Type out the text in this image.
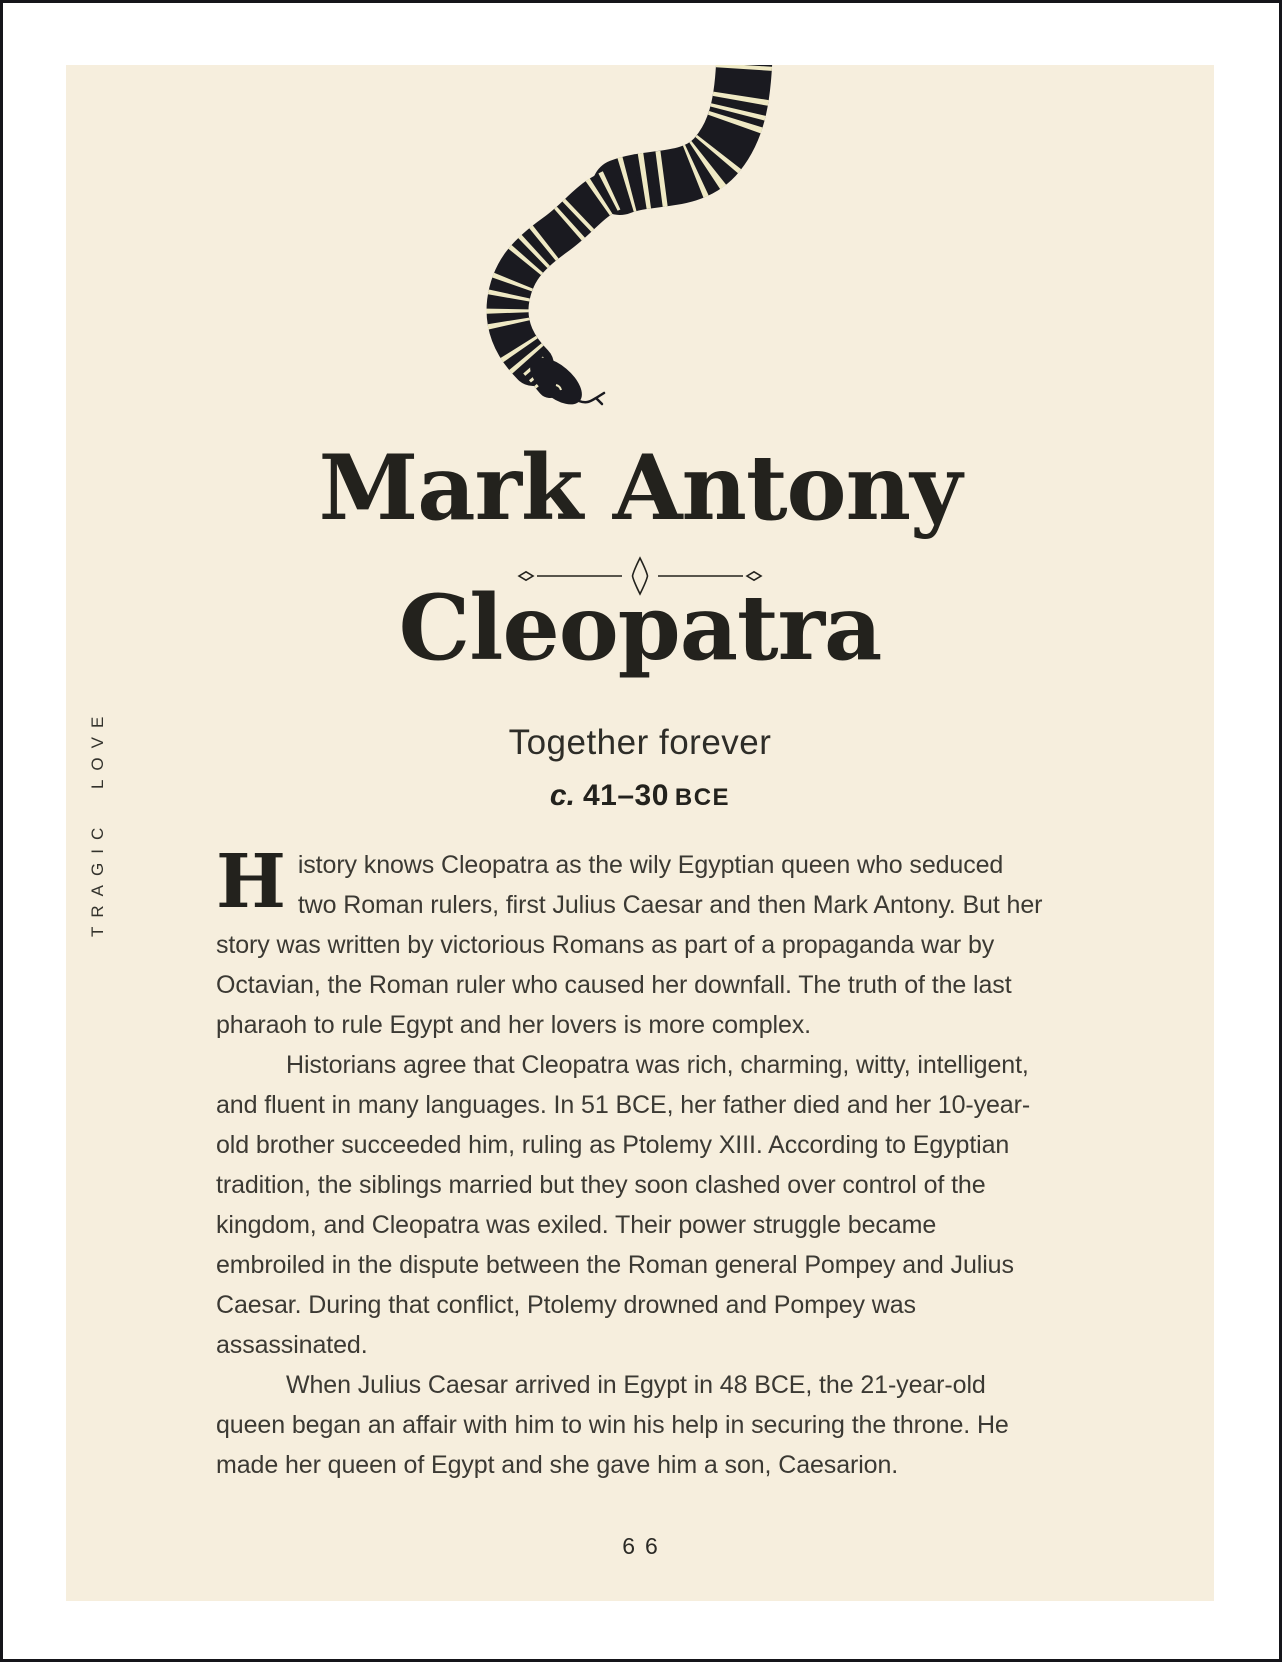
Mark Antony
Cleopatra
Together forever
c. 41–30 BCE
TRAGIC LOVE History knows Cleopatra as the wily Egyptian queen who seduced two Roman rulers, first Julius Caesar and then Mark Antony. But her story was written by victorious Romans as part of a propaganda war by Octavian, the Roman ruler who caused her downfall. The truth of the last pharaoh to rule Egypt and her lovers is more complex.

Historians agree that Cleopatra was rich, charming, witty, intelligent, and fluent in many languages. In 51 BCE, her father died and her 10-year-old brother succeeded him, ruling as Ptolemy XIII. According to Egyptian tradition, the siblings married but they soon clashed over control of the kingdom, and Cleopatra was exiled. Their power struggle became embroiled in the dispute between the Roman general Pompey and Julius Caesar. During that conflict, Ptolemy drowned and Pompey was assassinated.

When Julius Caesar arrived in Egypt in 48 BCE, the 21-year-old queen began an affair with him to win his help in securing the throne. He made her queen of Egypt and she gave him a son, Caesarion.

66
